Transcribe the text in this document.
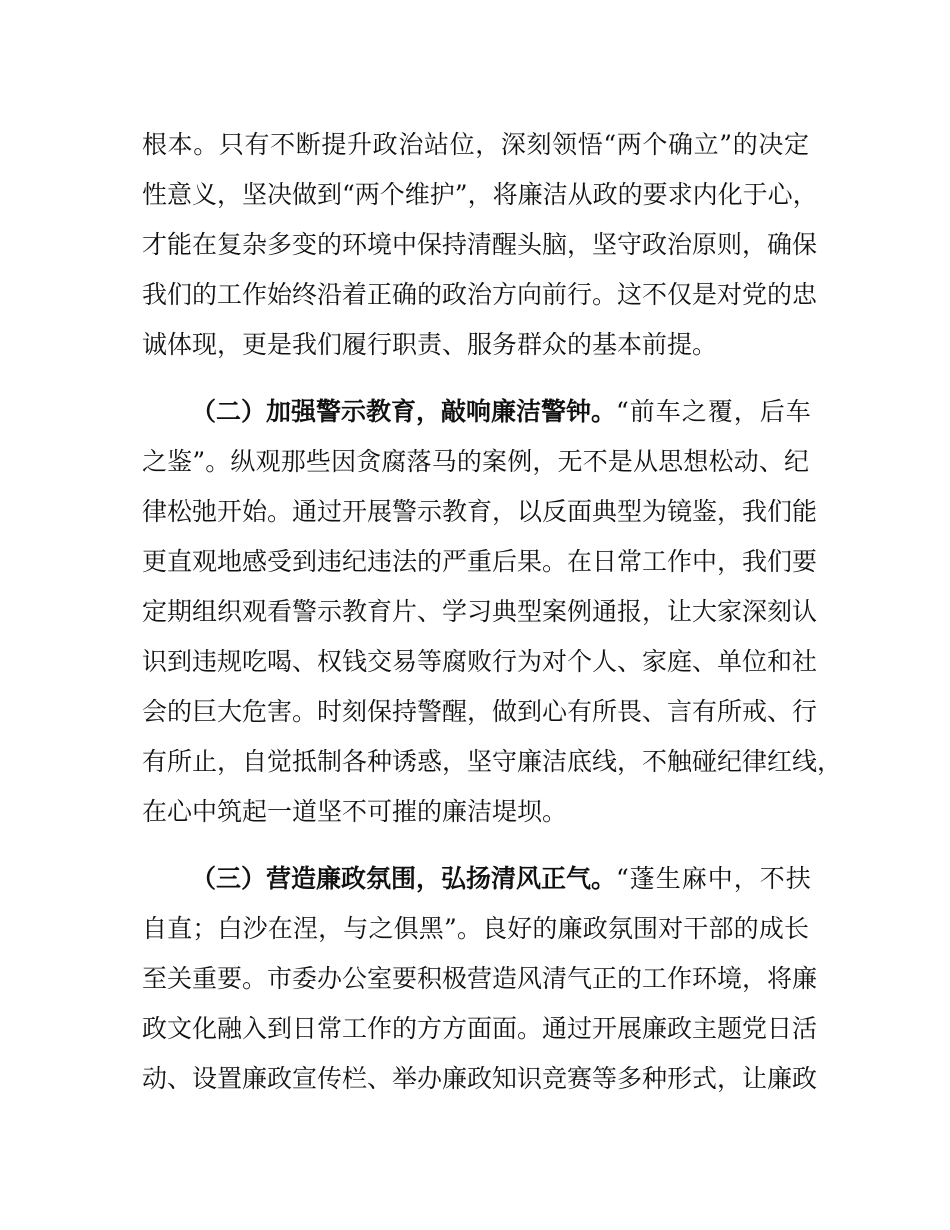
根本。只有不断提升政治站位，深刻领悟“两个确立”的决定
性意义，坚决做到“两个维护”，将廉洁从政的要求内化于心，
才能在复杂多变的环境中保持清醒头脑，坚守政治原则，确保
我们的工作始终沿着正确的政治方向前行。这不仅是对党的忠
诚体现，更是我们履行职责、服务群众的基本前提。
（二）加强警示教育，敲响廉洁警钟。“前车之覆，后车
之鉴”。纵观那些因贪腐落马的案例，无不是从思想松动、纪
律松弛开始。通过开展警示教育，以反面典型为镜鉴，我们能
更直观地感受到违纪违法的严重后果。在日常工作中，我们要
定期组织观看警示教育片、学习典型案例通报，让大家深刻认
识到违规吃喝、权钱交易等腐败行为对个人、家庭、单位和社
会的巨大危害。时刻保持警醒，做到心有所畏、言有所戒、行
有所止，自觉抵制各种诱惑，坚守廉洁底线，不触碰纪律红线，
在心中筑起一道坚不可摧的廉洁堤坝。
（三）营造廉政氛围，弘扬清风正气。“蓬生麻中，不扶
自直；白沙在涅，与之俱黑”。良好的廉政氛围对干部的成长
至关重要。市委办公室要积极营造风清气正的工作环境，将廉
政文化融入到日常工作的方方面面。通过开展廉政主题党日活
动、设置廉政宣传栏、举办廉政知识竞赛等多种形式，让廉政
